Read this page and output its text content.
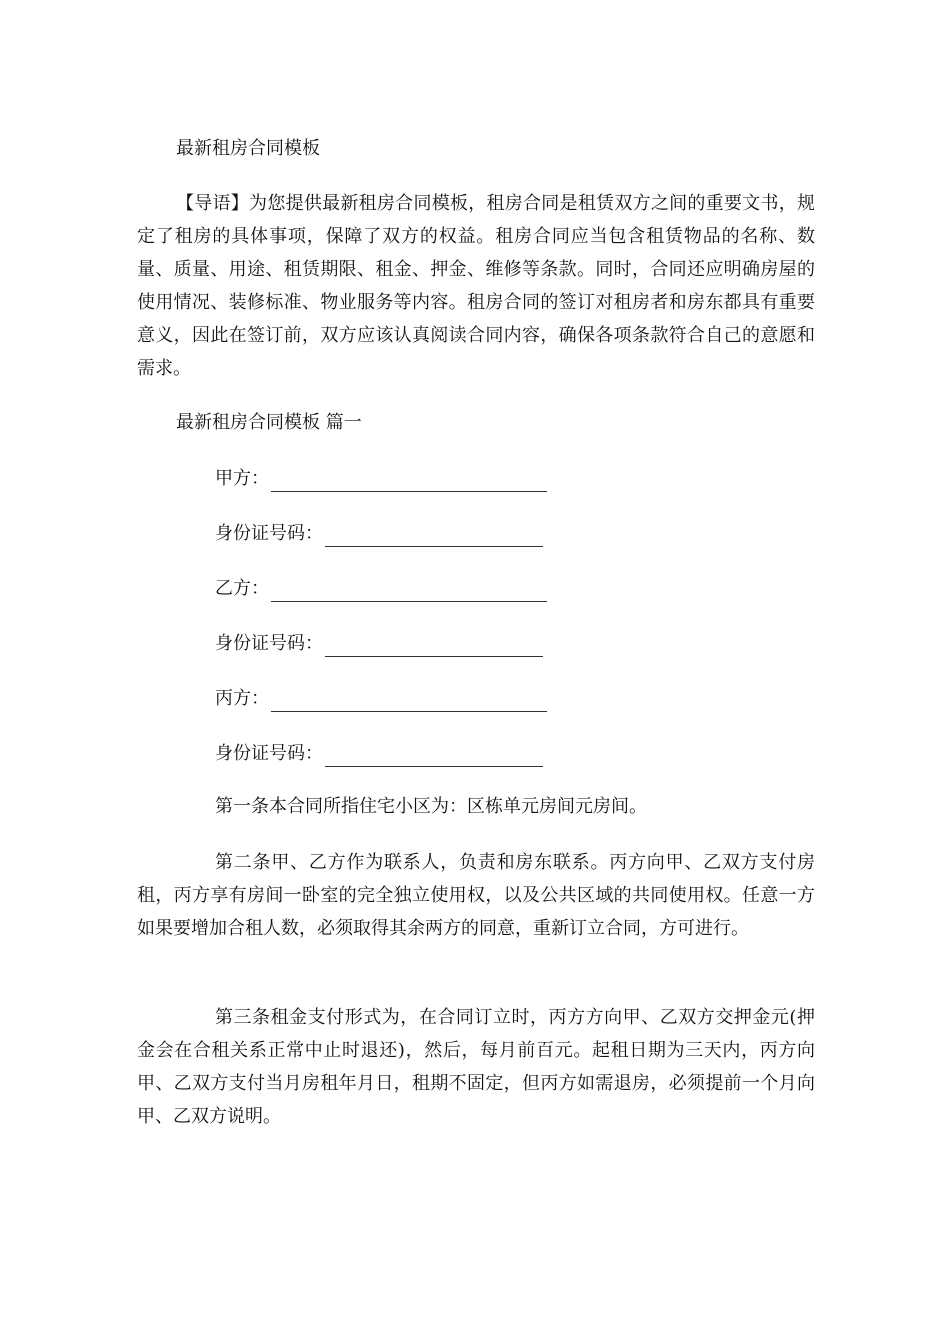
最新租房合同模板

【导语】为您提供最新租房合同模板，租房合同是租赁双方之间的重要文书，规定了租房的具体事项，保障了双方的权益。租房合同应当包含租赁物品的名称、数量、质量、用途、租赁期限、租金、押金、维修等条款。同时，合同还应明确房屋的使用情况、装修标准、物业服务等内容。租房合同的签订对租房者和房东都具有重要意义，因此在签订前，双方应该认真阅读合同内容，确保各项条款符合自己的意愿和需求。

最新租房合同模板 篇一
甲方：
身份证号码：
乙方：
身份证号码：
丙方：
身份证号码：

第一条本合同所指住宅小区为：区栋单元房间元房间。

第二条甲、乙方作为联系人，负责和房东联系。丙方向甲、乙双方支付房租，丙方享有房间一卧室的完全独立使用权，以及公共区域的共同使用权。任意一方如果要增加合租人数，必须取得其余两方的同意，重新订立合同，方可进行。

第三条租金支付形式为，在合同订立时，丙方方向甲、乙双方交押金元(押金会在合租关系正常中止时退还)，然后，每月前百元。起租日期为三天内，丙方向甲、乙双方支付当月房租年月日，租期不固定，但丙方如需退房，必须提前一个月向甲、乙双方说明。
